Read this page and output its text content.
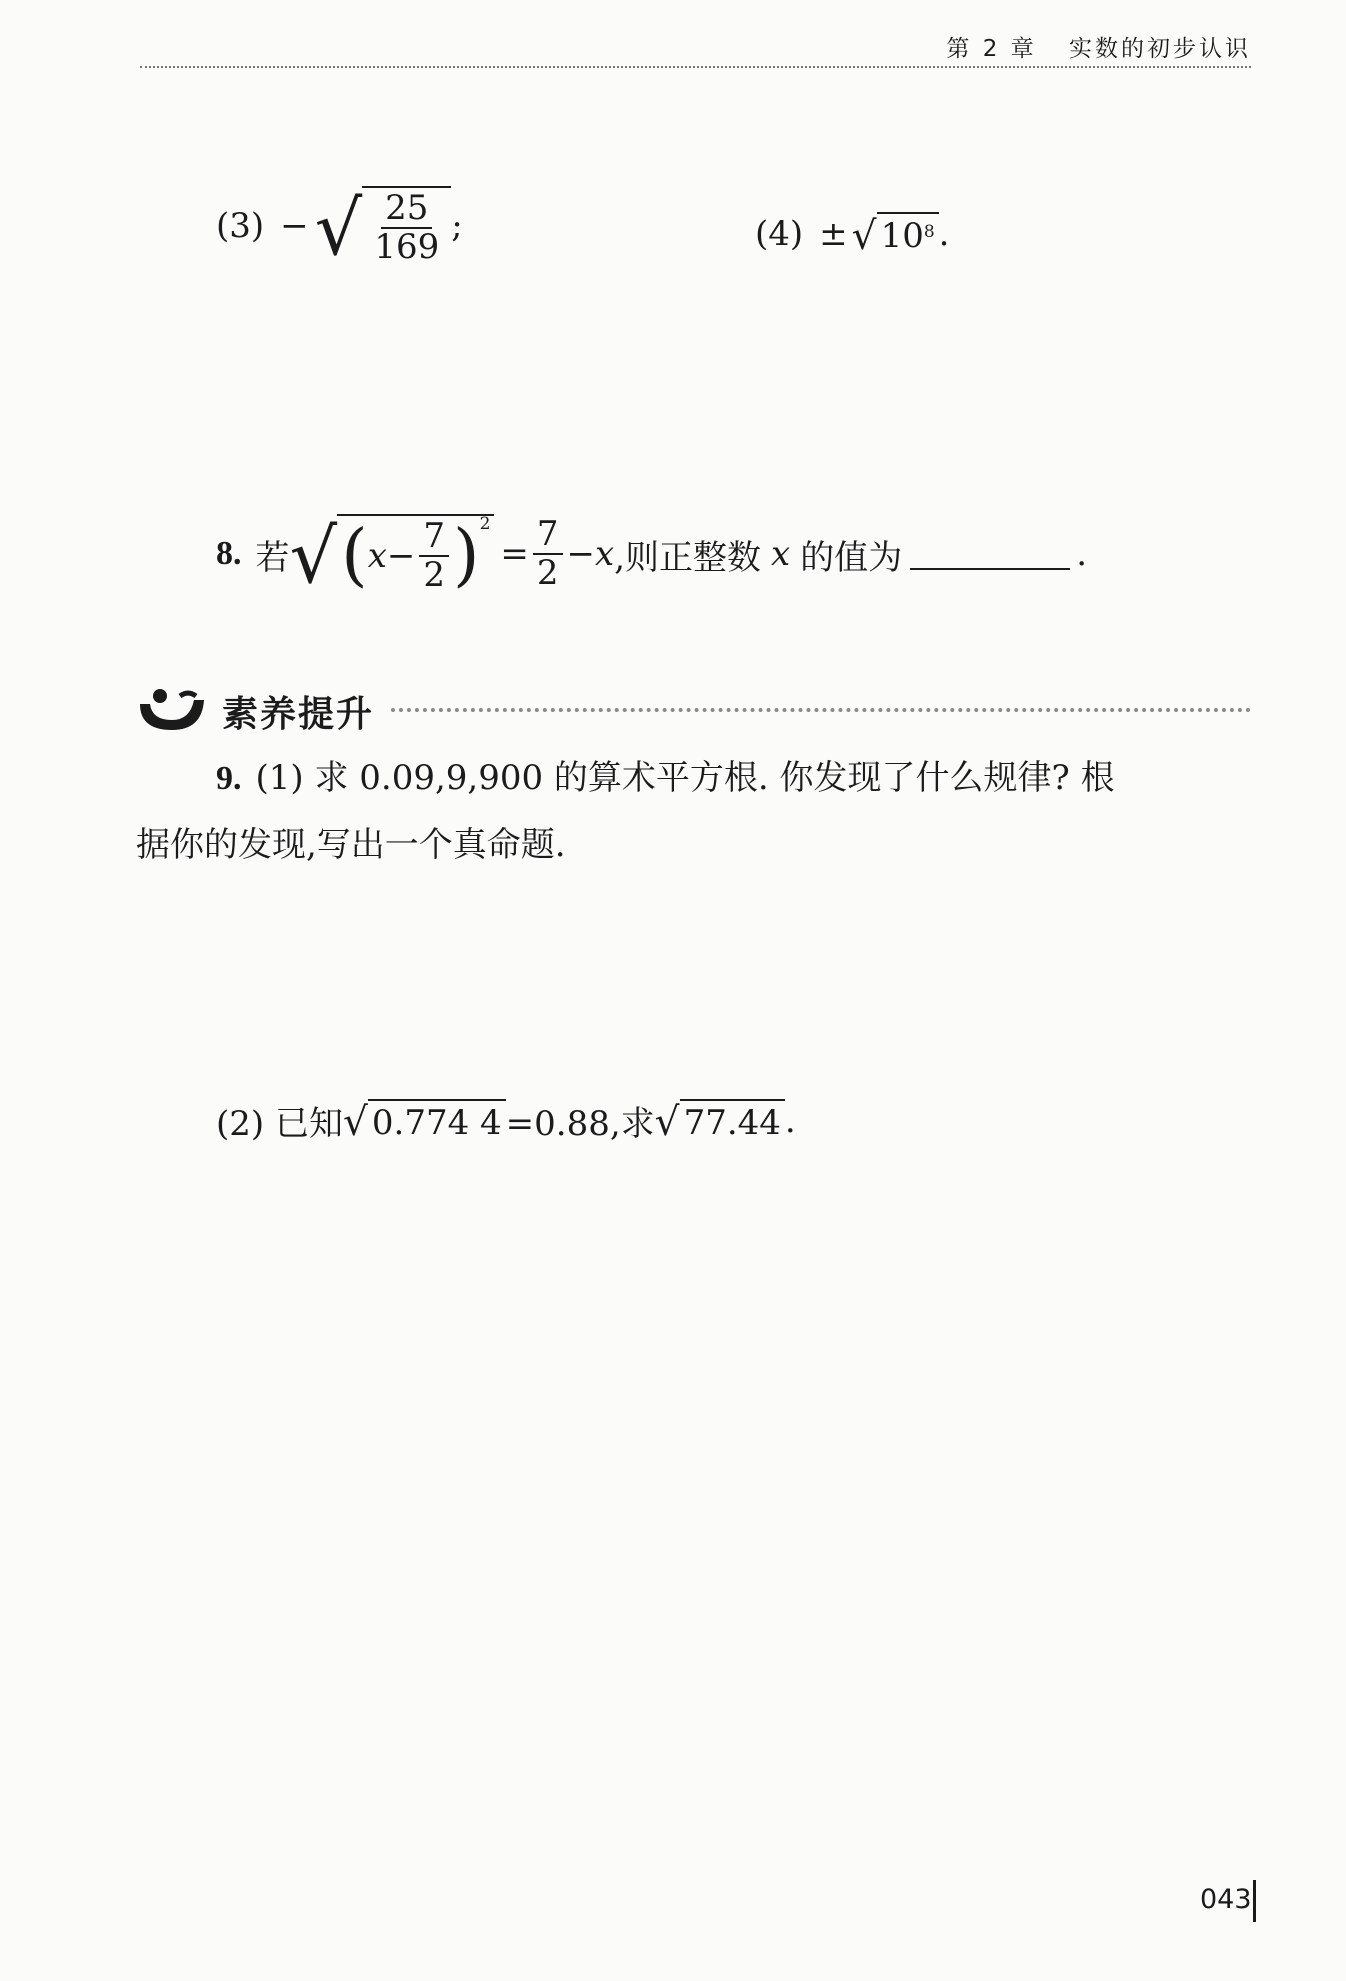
第 2 章 实数的初步认识
(3) − √ $\frac{25}{169}$ ;	(4) ± √ $10^8$ .
8. 若 √ ( $x - \frac{7}{2} )^2$
= $\frac{7}{2} - x$ ,则正整数 x 的值为	.
素养提升
9. (1) 求 0.09,9,900 的算术平方根. 你发现了什么规律? 根
据你的发现,写出一个真命题.
(2) 已知 √ 0.774 4 =0.88,求 √ 77.44 .
043
